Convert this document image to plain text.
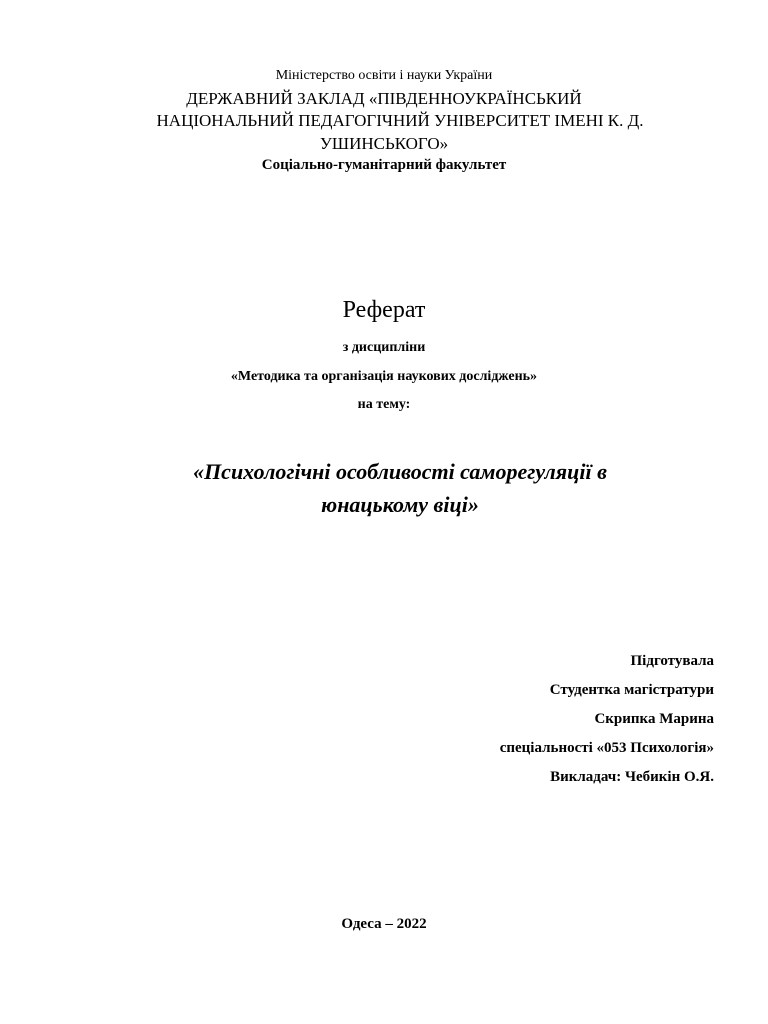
Міністерство освіти і науки України
ДЕРЖАВНИЙ ЗАКЛАД «ПІВДЕННОУКРАЇНСЬКИЙ
НАЦІОНАЛЬНИЙ ПЕДАГОГІЧНИЙ УНІВЕРСИТЕТ ІМЕНІ К. Д.
УШИНСЬКОГО»
Соціально-гуманітарний факультет
Реферат
з дисципліни
«Методика та організація наукових досліджень»
на тему:
«Психологічні особливості саморегуляції в
юнацькому віці»
Підготувала
Студентка магістратури
Скрипка Марина
спеціальності «053 Психологія»
Викладач: Чебикін О.Я.
Одеса – 2022
